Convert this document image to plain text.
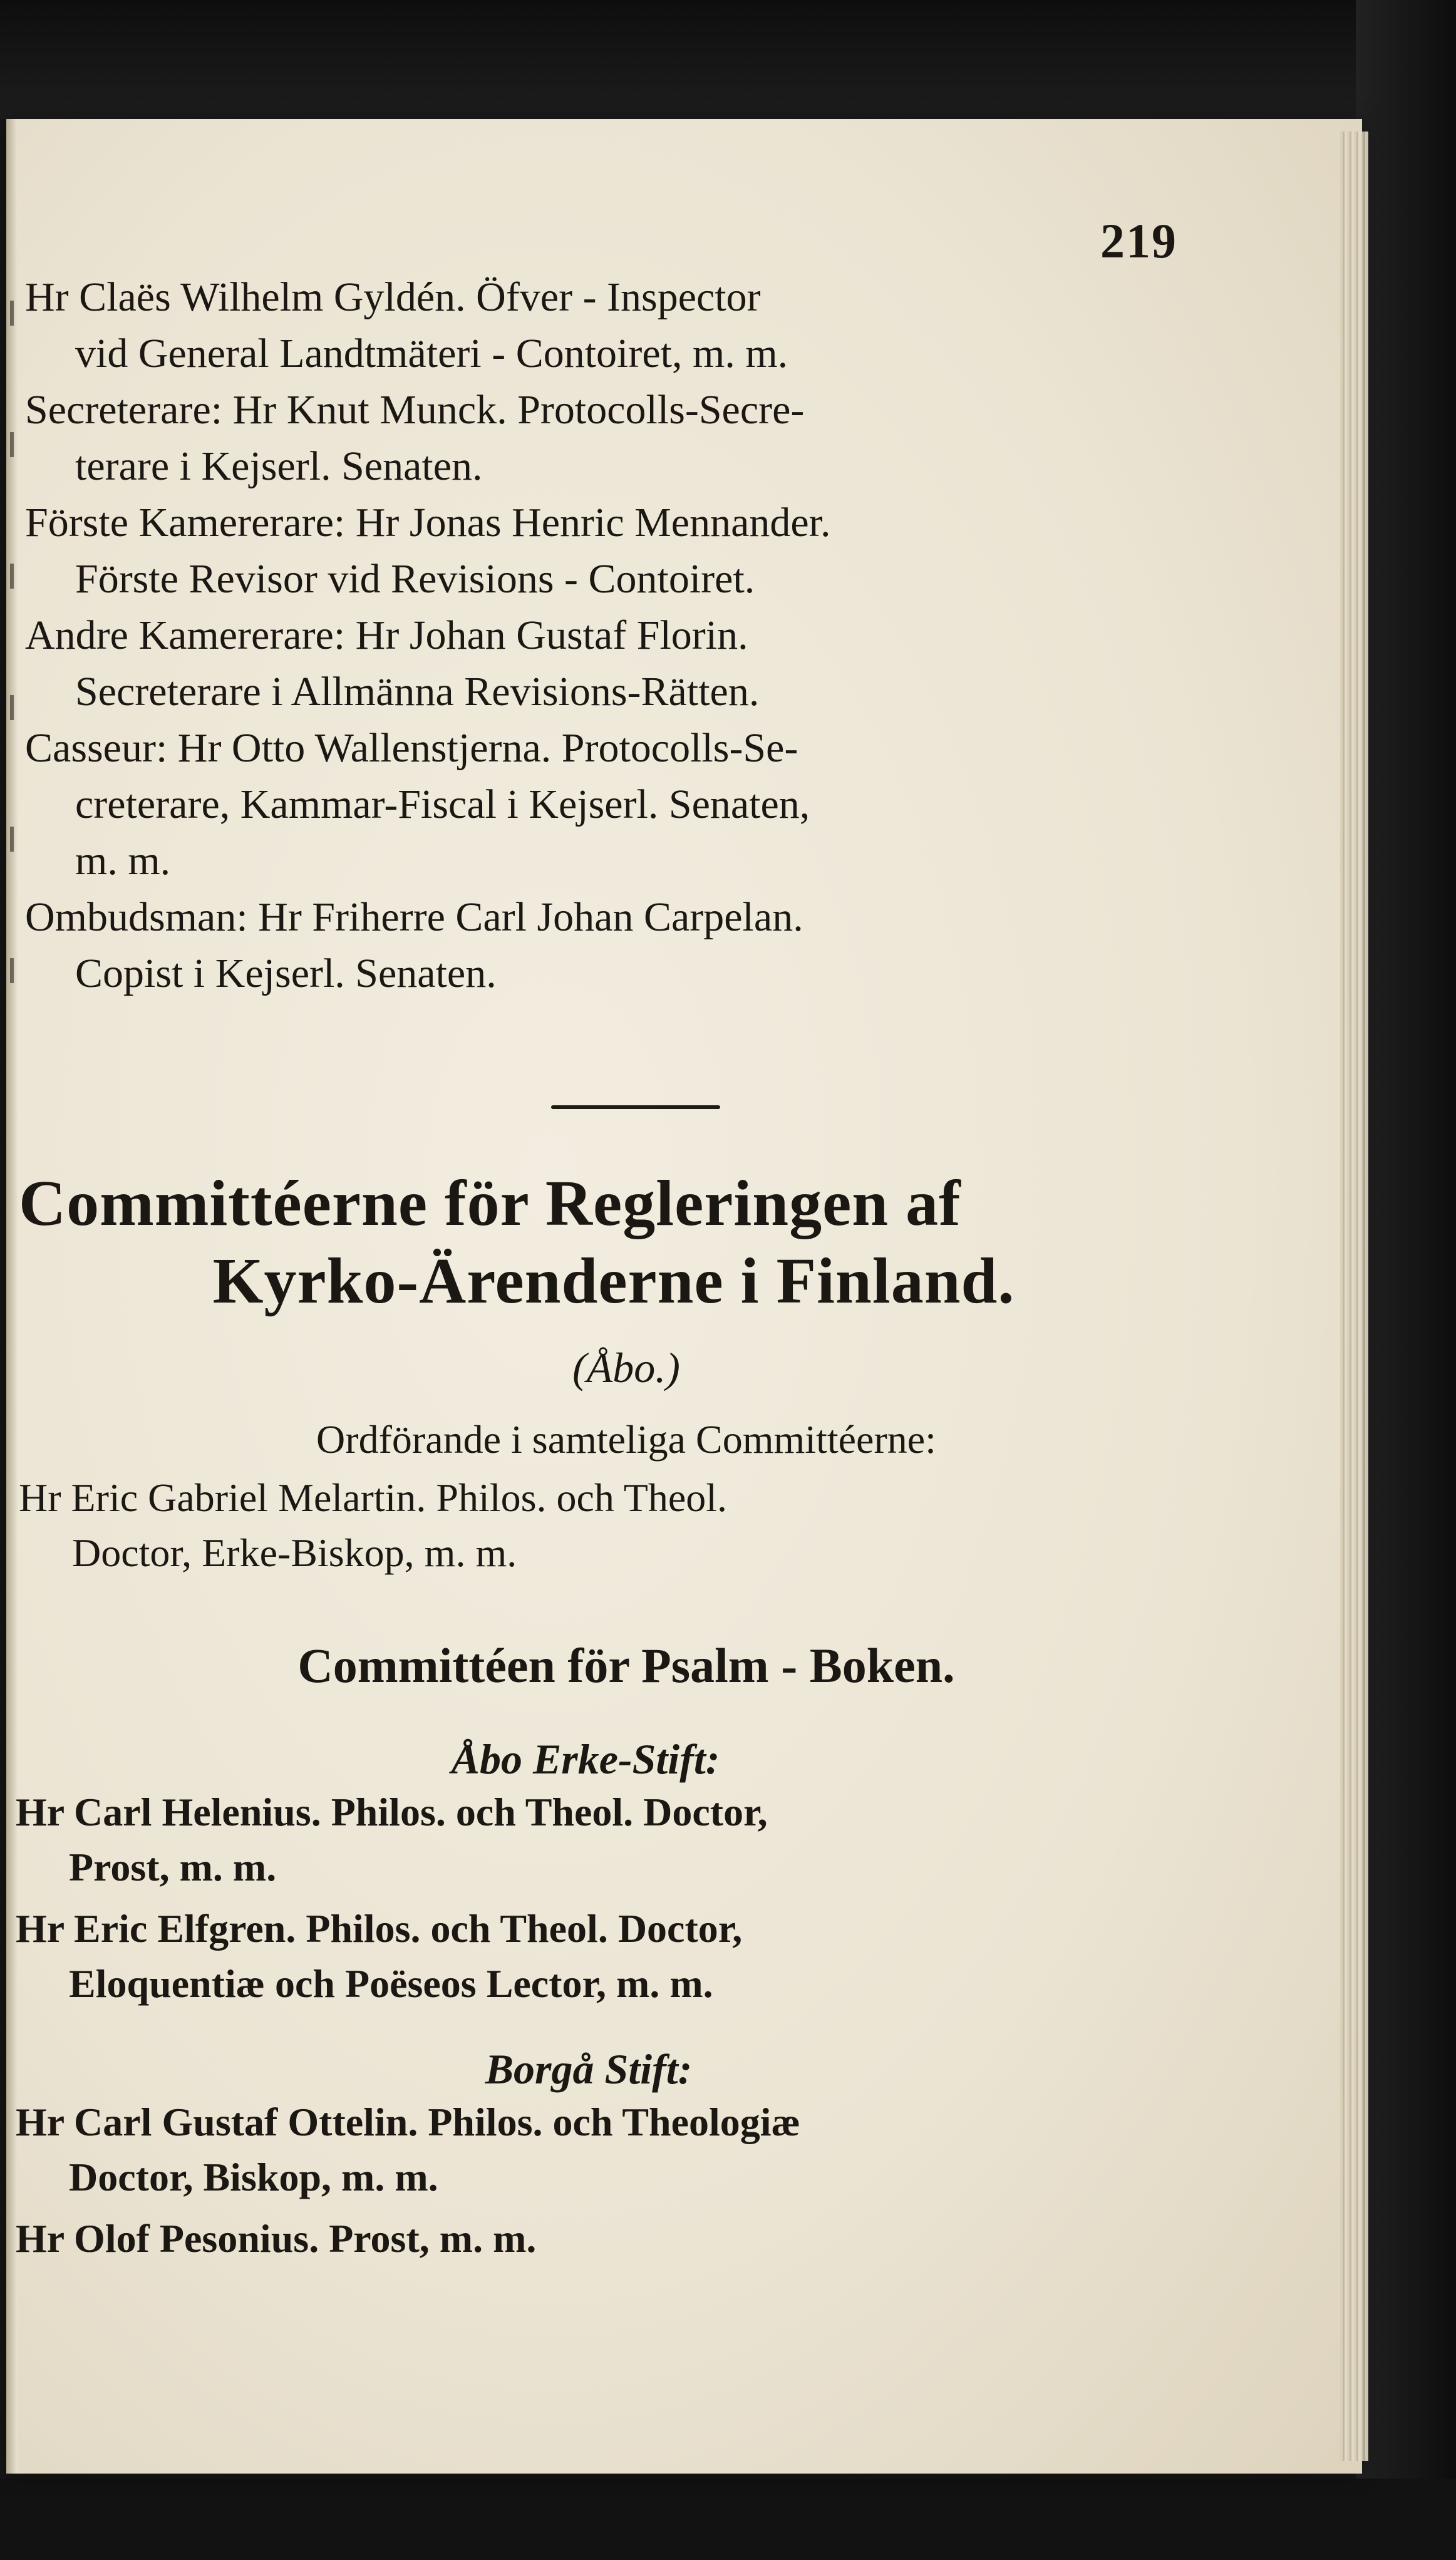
219

Hr Claës Wilhelm Gyldén. Öfver - Inspector
vid General Landtmäteri - Contoiret, m. m.

Secreterare: Hr Knut Munck. Protocolls-Secre-
terare i Kejserl. Senaten.

Förste Kamererare: Hr Jonas Henric Mennander.
Förste Revisor vid Revisions - Contoiret.

Andre Kamererare: Hr Johan Gustaf Florin.
Secreterare i Allmänna Revisions-Rätten.

Casseur: Hr Otto Wallenstjerna. Protocolls-Se-
creterare, Kammar-Fiscal i Kejserl. Senaten,
m. m.

Ombudsman: Hr Friherre Carl Johan Carpelan.
Copist i Kejserl. Senaten.

Committéerne för Regleringen af
Kyrko-Ärenderne i Finland.
(Åbo.)
Ordförande i samteliga Committéerne:

Hr Eric Gabriel Melartin. Philos. och Theol.
Doctor, Erke-Biskop, m. m.

Committéen för Psalm - Boken.
Åbo Erke-Stift:

Hr Carl Helenius. Philos. och Theol. Doctor,
Prost, m. m.

Hr Eric Elfgren. Philos. och Theol. Doctor,
Eloquentiæ och Poëseos Lector, m. m.

Borgå Stift:

Hr Carl Gustaf Ottelin. Philos. och Theologiæ
Doctor, Biskop, m. m.

Hr Olof Pesonius. Prost, m. m.
